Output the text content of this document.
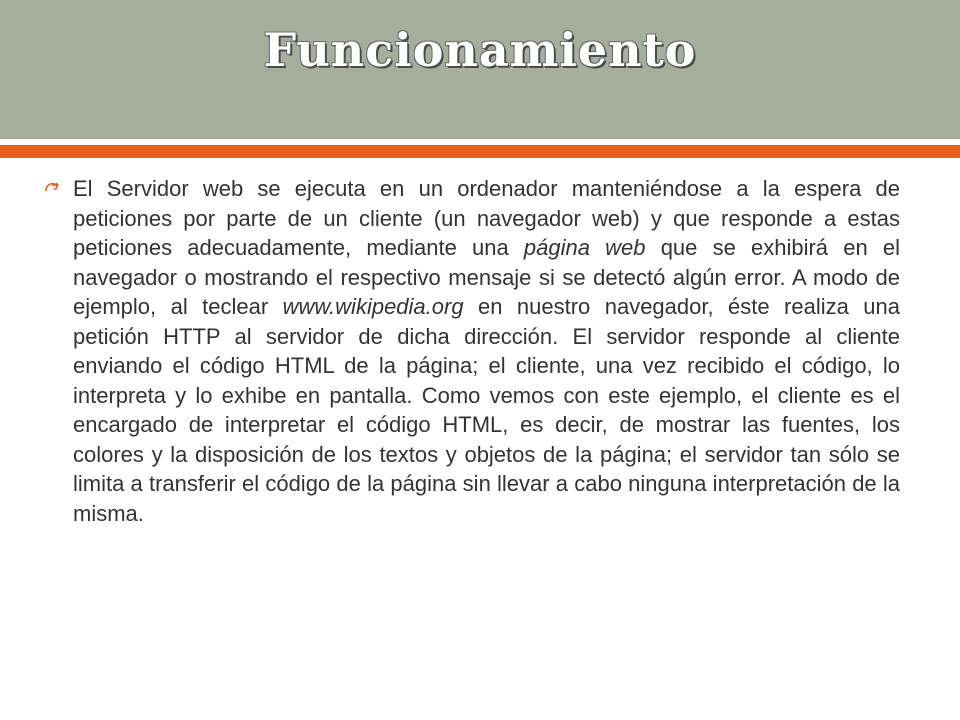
Funcionamiento

El Servidor web se ejecuta en un ordenador manteniéndose a la espera de peticiones por parte de un cliente (un navegador web) y que responde a estas peticiones adecuadamente, mediante una página web que se exhibirá en el navegador o mostrando el respectivo mensaje si se detectó algún error. A modo de ejemplo, al teclear www.wikipedia.org en nuestro navegador, éste realiza una petición HTTP al servidor de dicha dirección. El servidor responde al cliente enviando el código HTML de la página; el cliente, una vez recibido el código, lo interpreta y lo exhibe en pantalla. Como vemos con este ejemplo, el cliente es el encargado de interpretar el código HTML, es decir, de mostrar las fuentes, los colores y la disposición de los textos y objetos de la página; el servidor tan sólo se limita a transferir el código de la página sin llevar a cabo ninguna interpretación de la misma.
